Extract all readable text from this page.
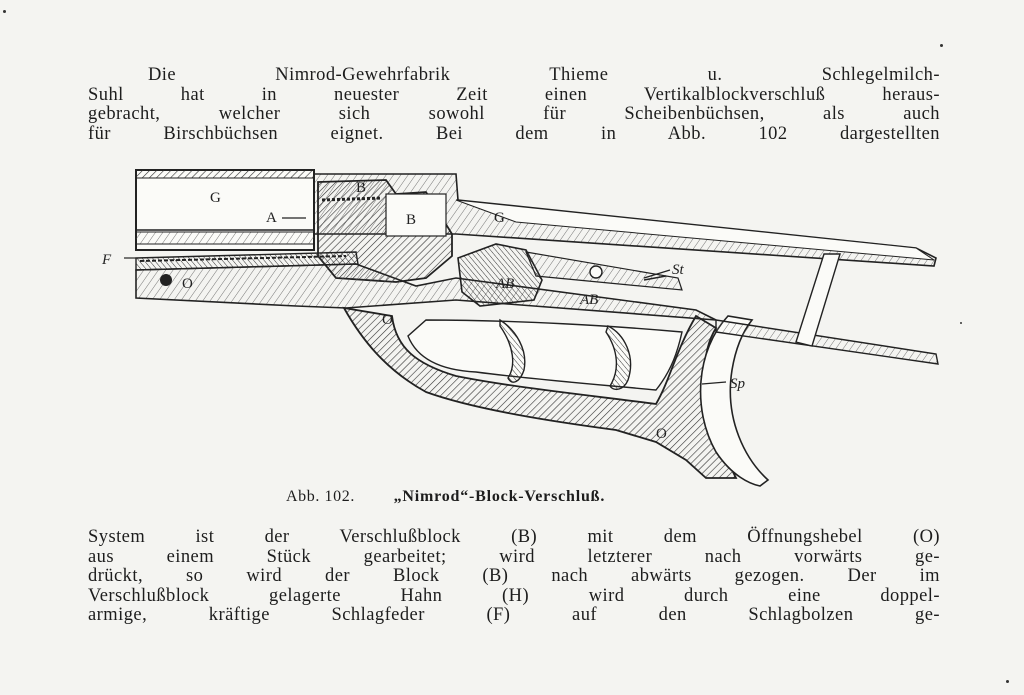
Die Nimrod-Gewehrfabrik Thieme u. Schlegelmilch-
Suhl hat in neuester Zeit einen Vertikalblockverschluß heraus-
gebracht, welcher sich sowohl für Scheibenbüchsen, als auch
für Birschbüchsen eignet. Bei dem in Abb. 102 dargestellten
G
G
B
B
A
F
O
O
O
AB
AB
St
Sp
Abb. 102. „Nimrod“-Block-Verschluß.
System ist der Verschlußblock (B) mit dem Öffnungshebel (O)
aus einem Stück gearbeitet; wird letzterer nach vorwärts ge-
drückt, so wird der Block (B) nach abwärts gezogen. Der im
Verschlußblock gelagerte Hahn (H) wird durch eine doppel-
armige, kräftige Schlagfeder (F) auf den Schlagbolzen ge-
